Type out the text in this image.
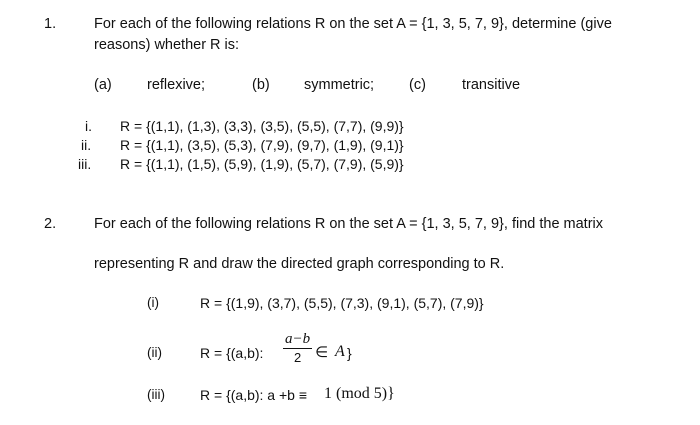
1.	For each of the following relations R on the set A = {1, 3, 5, 7, 9}, determine (give
reasons) whether R is:
(a) reflexive;	(b) symmetric; (c) transitive
i. R = {(1,1), (1,3), (3,3), (3,5), (5,5), (7,7), (9,9)}
ii. R = {(1,1), (3,5), (5,3), (7,9), (9,7), (1,9), (9,1)}
iii. R = {(1,1), (1,5), (5,9), (1,9), (5,7), (7,9), (5,9)}
2.	For each of the following relations R on the set A = {1, 3, 5, 7, 9}, find the matrix
representing R and draw the directed graph corresponding to R.
(i)	R = {(1,9), (3,7), (5,5), (7,3), (9,1), (5,7), (7,9)}
(ii)	R = {(a,b):
a−b
2 ∈ A }
(iii)	R = {(a,b): a +b ≡ 1 (mod 5)}
